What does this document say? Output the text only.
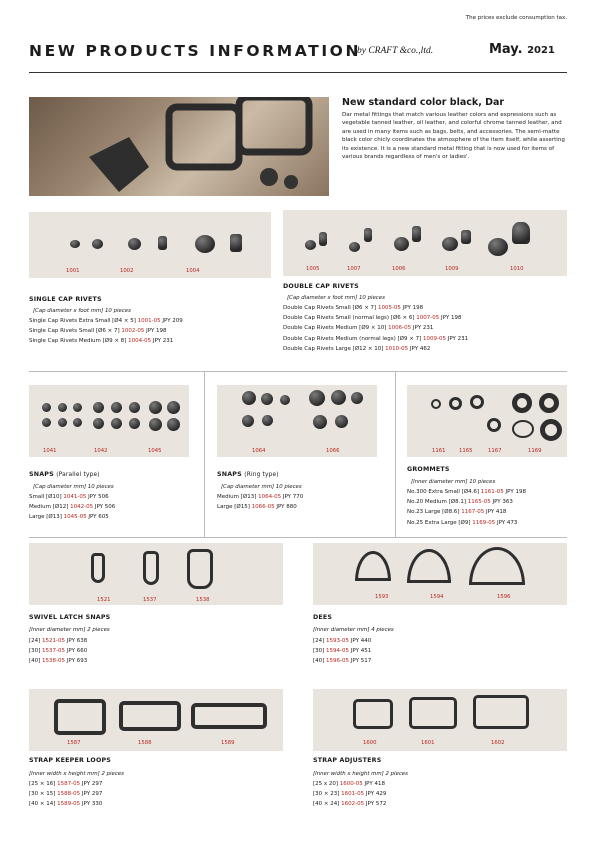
The prices exclude consumption tax.
NEW PRODUCTS INFORMATION
by CRAFT &co.,ltd.	May. 2021
New standard color black, Dar
Dar metal fittings that match various leather colors and expressions such as vegetable tanned leather, oil leather, and colorful chrome tanned leather, and are used in many items such as bags, belts, and accessories. The semi-matte black color chicly coordinates the atmosphere of the item itself, while asserting its existence. It is a new standard metal fitting that is now used for items of various brands regardless of men's or ladies'.
1001	1002	1004	1005	1007	1006	1009	1010
SINGLE CAP RIVETS
[Cap diameter x foot mm] 10 pieces
Single Cap Rivets Extra Small [Ø4 × 5] 1001-05 JPY 209
Single Cap Rivets Small [Ø6 × 7] 1002-05 JPY 198
Single Cap Rivets Medium [Ø9 × 8] 1004-05 JPY 231
DOUBLE CAP RIVETS
[Cap diameter x foot mm] 10 pieces
Double Cap Rivets Small [Ø6 × 7] 1005-05 JPY 198
Double Cap Rivets Small (normal legs) [Ø6 × 6] 1007-05 JPY 198
Double Cap Rivets Medium [Ø9 × 10] 1006-05 JPY 231
Double Cap Rivets Medium (normal legs) [Ø9 × 7] 1009-05 JPY 231
Double Cap Rivets Large [Ø12 × 10] 1010-05 JPY 462
1041	1042	1045	1064	1066	1161	1165	1167	1169
SNAPS (Parallel type)
[Cap diameter mm] 10 pieces
Small [Ø10] 1041-05 JPY 506
Medium [Ø12] 1042-05 JPY 506
Large [Ø13] 1045-05 JPY 605
SNAPS (Ring type)
[Cap diameter mm] 10 pieces
Medium [Ø13] 1064-05 JPY 770
Large [Ø15] 1066-05 JPY 880
GROMMETS
[Inner diameter mm] 10 pieces
No.300 Extra Small [Ø4.6] 1161-05 JPY 198
No.20 Medium [Ø8.1] 1165-05 JPY 363
No.23 Large [Ø8.6] 1167-05 JPY 418
No.25 Extra Large [Ø9] 1169-05 JPY 473
1521	1537	1538	1593	1594	1596
SWIVEL LATCH SNAPS
[Inner diameter mm] 2 pieces
[24] 1521-05 JPY 638
[30] 1537-05 JPY 660
[40] 1538-05 JPY 693
DEES
[Inner diameter mm] 4 pieces
[24] 1593-05 JPY 440
[30] 1594-05 JPY 451
[40] 1596-05 JPY 517
1587	1588	1589	1600	1601	1602
STRAP KEEPER LOOPS
[Inner width x height mm] 2 pieces
[25 × 16] 1587-05 JPY 297
[30 × 15] 1588-05 JPY 297
[40 × 14] 1589-05 JPY 330
STRAP ADJUSTERS
[Inner width x height mm] 2 pieces
[25 x 20] 1600-05 JPY 418
[30 × 23] 1601-05 JPY 429
[40 × 24] 1602-05 JPY 572
